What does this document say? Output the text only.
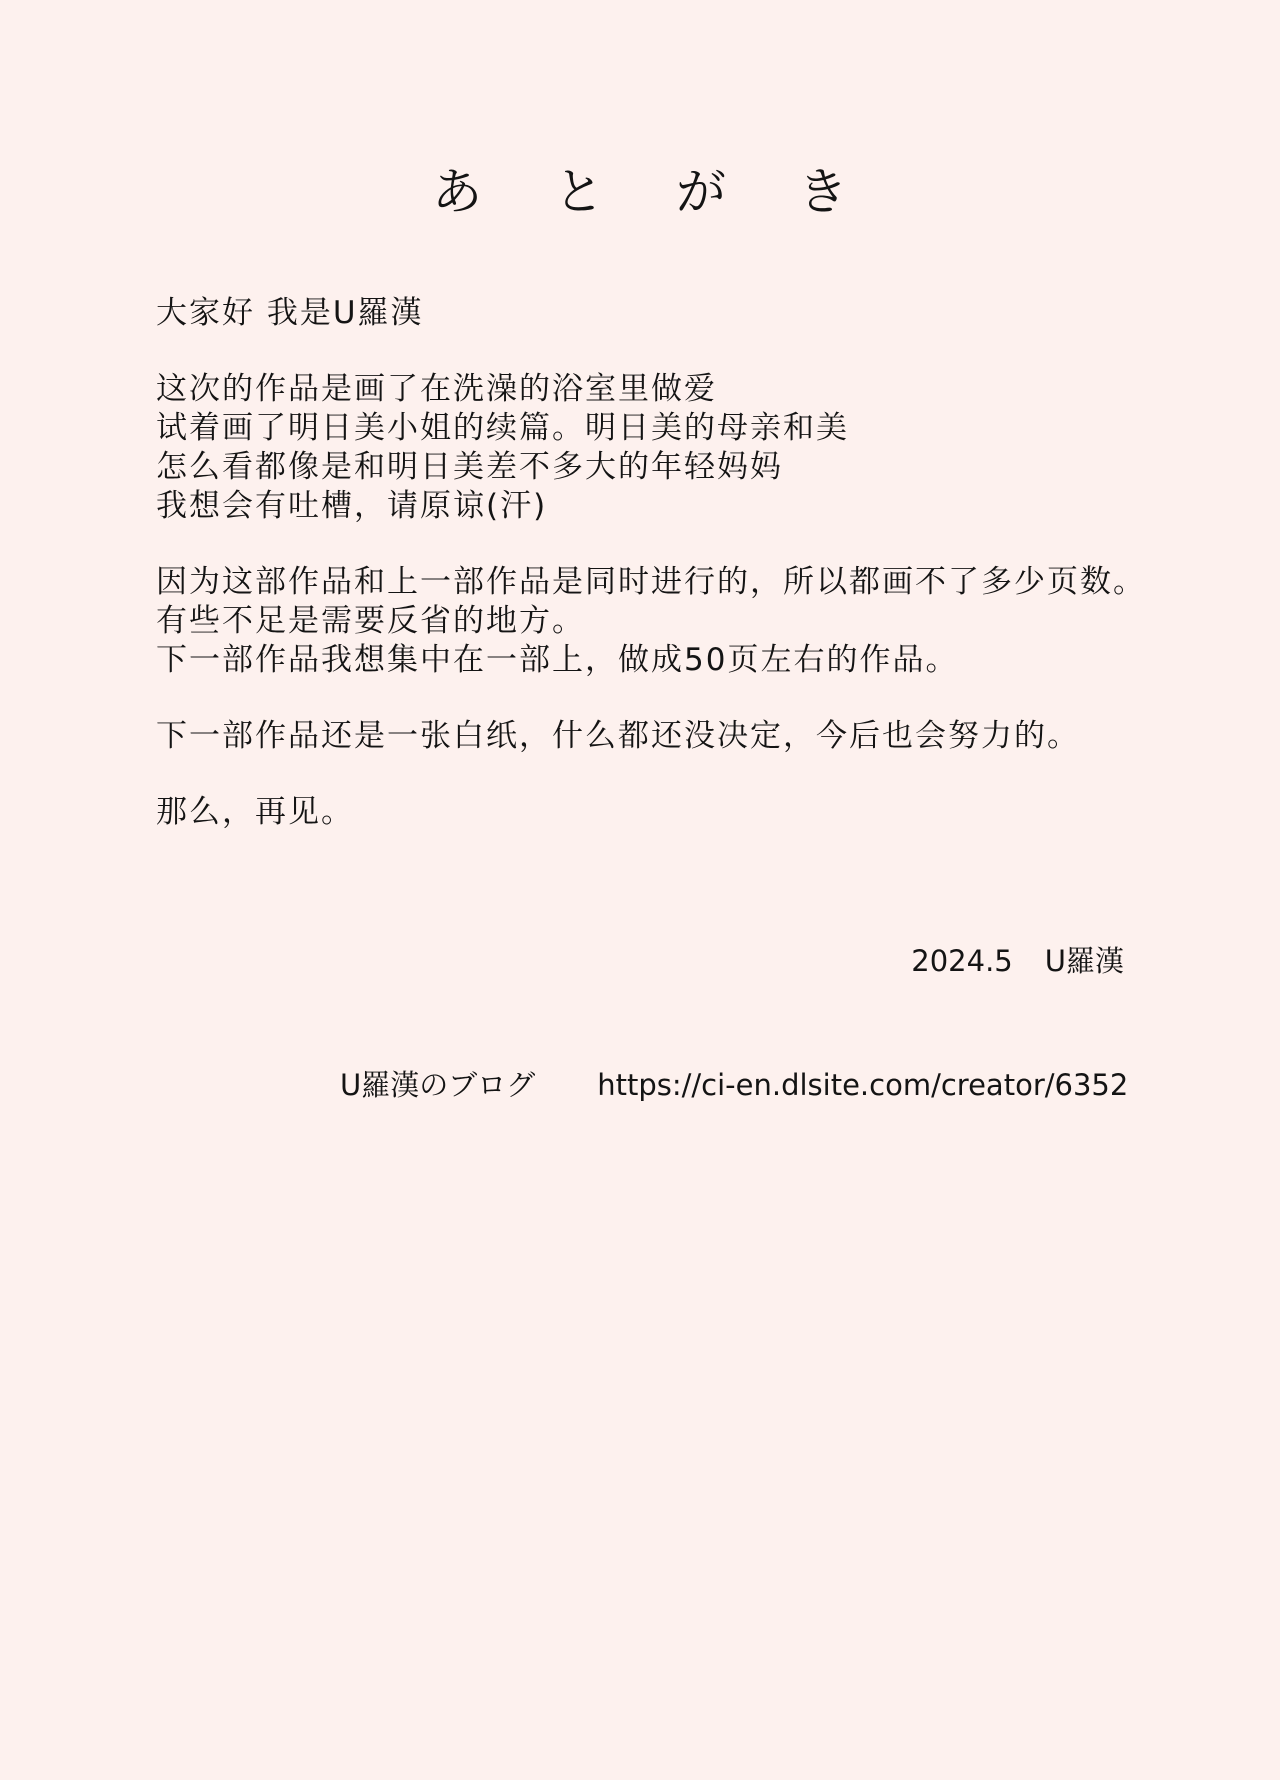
あ と が き
大家好 我是U羅漢
这次的作品是画了在洗澡的浴室里做爱
试着画了明日美小姐的续篇。明日美的母亲和美
怎么看都像是和明日美差不多大的年轻妈妈
我想会有吐槽，请原谅(汗)
因为这部作品和上一部作品是同时进行的，所以都画不了多少页数。
有些不足是需要反省的地方。
下一部作品我想集中在一部上，做成50页左右的作品。
下一部作品还是一张白纸，什么都还没决定，今后也会努力的。
那么，再见。
2024.5 U羅漢
U羅漢のブログ https://ci-en.dlsite.com/creator/6352
